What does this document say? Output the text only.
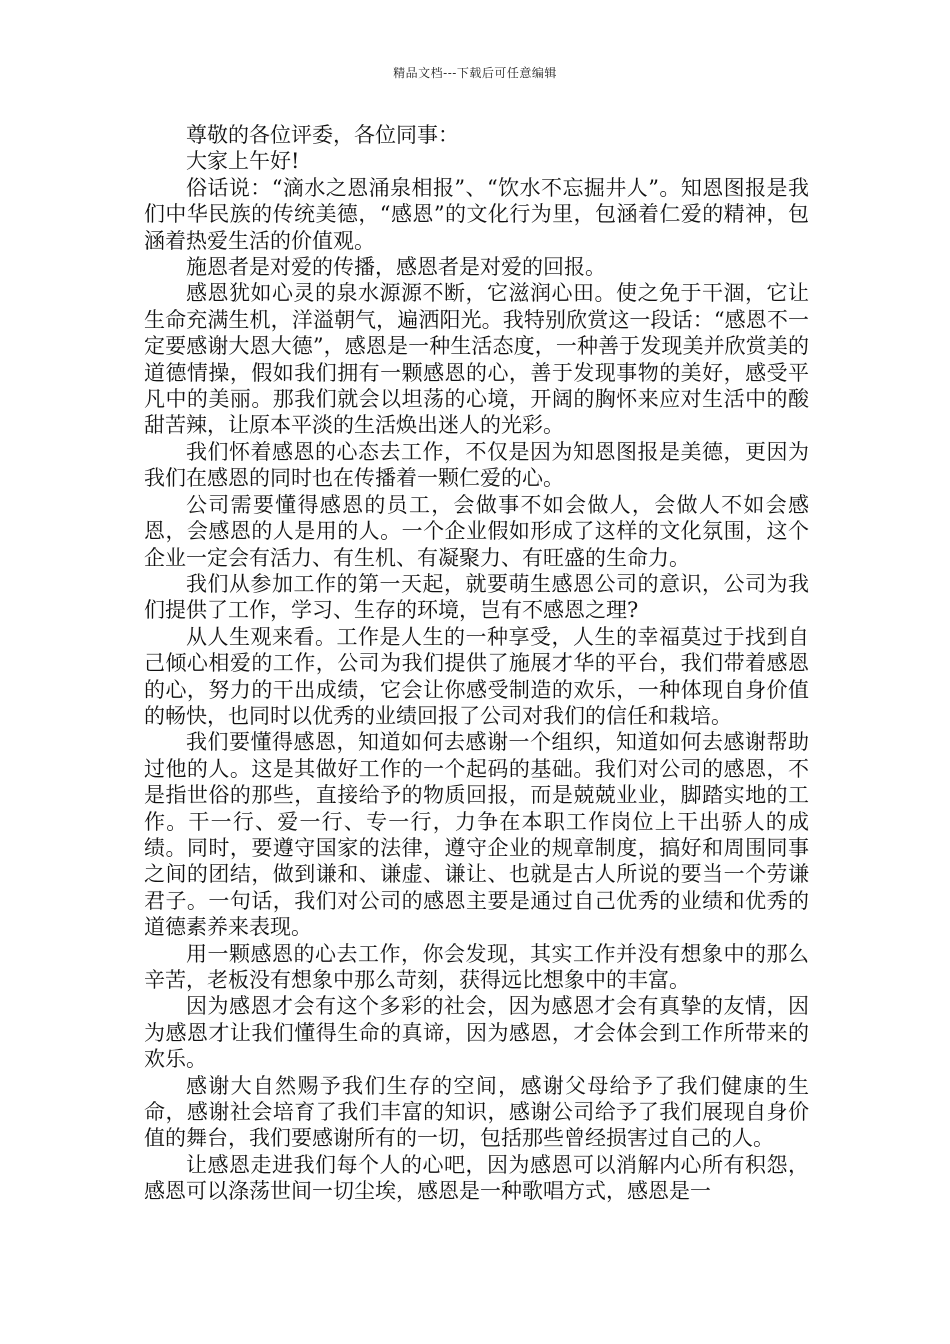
精品文档---下载后可任意编辑

尊敬的各位评委，各位同事：

大家上午好!

俗话说：“滴水之恩涌泉相报”、“饮水不忘掘井人”。知恩图报是我们中华民族的传统美德，“感恩”的文化行为里，包涵着仁爱的精神，包涵着热爱生活的价值观。

施恩者是对爱的传播，感恩者是对爱的回报。

感恩犹如心灵的泉水源源不断，它滋润心田。使之免于干涸，它让生命充满生机，洋溢朝气，遍洒阳光。我特别欣赏这一段话：“感恩不一定要感谢大恩大德”，感恩是一种生活态度，一种善于发现美并欣赏美的道德情操，假如我们拥有一颗感恩的心，善于发现事物的美好，感受平凡中的美丽。那我们就会以坦荡的心境，开阔的胸怀来应对生活中的酸甜苦辣，让原本平淡的生活焕出迷人的光彩。

我们怀着感恩的心态去工作，不仅是因为知恩图报是美德，更因为我们在感恩的同时也在传播着一颗仁爱的心。

公司需要懂得感恩的员工，会做事不如会做人，会做人不如会感恩，会感恩的人是用的人。一个企业假如形成了这样的文化氛围，这个企业一定会有活力、有生机、有凝聚力、有旺盛的生命力。

我们从参加工作的第一天起，就要萌生感恩公司的意识，公司为我们提供了工作，学习、生存的环境，岂有不感恩之理?

从人生观来看。工作是人生的一种享受，人生的幸福莫过于找到自己倾心相爱的工作，公司为我们提供了施展才华的平台，我们带着感恩的心，努力的干出成绩，它会让你感受制造的欢乐，一种体现自身价值的畅快，也同时以优秀的业绩回报了公司对我们的信任和栽培。

我们要懂得感恩，知道如何去感谢一个组织，知道如何去感谢帮助过他的人。这是其做好工作的一个起码的基础。我们对公司的感恩，不是指世俗的那些，直接给予的物质回报，而是兢兢业业，脚踏实地的工作。干一行、爱一行、专一行，力争在本职工作岗位上干出骄人的成绩。同时，要遵守国家的法律，遵守企业的规章制度，搞好和周围同事之间的团结，做到谦和、谦虚、谦让、也就是古人所说的要当一个劳谦君子。一句话，我们对公司的感恩主要是通过自己优秀的业绩和优秀的道德素养来表现。

用一颗感恩的心去工作，你会发现，其实工作并没有想象中的那么辛苦，老板没有想象中那么苛刻，获得远比想象中的丰富。

因为感恩才会有这个多彩的社会，因为感恩才会有真挚的友情，因为感恩才让我们懂得生命的真谛，因为感恩，才会体会到工作所带来的欢乐。

感谢大自然赐予我们生存的空间，感谢父母给予了我们健康的生命，感谢社会培育了我们丰富的知识，感谢公司给予了我们展现自身价值的舞台，我们要感谢所有的一切，包括那些曾经损害过自己的人。

让感恩走进我们每个人的心吧，因为感恩可以消解内心所有积怨，感恩可以涤荡世间一切尘埃，感恩是一种歌唱方式，感恩是一
